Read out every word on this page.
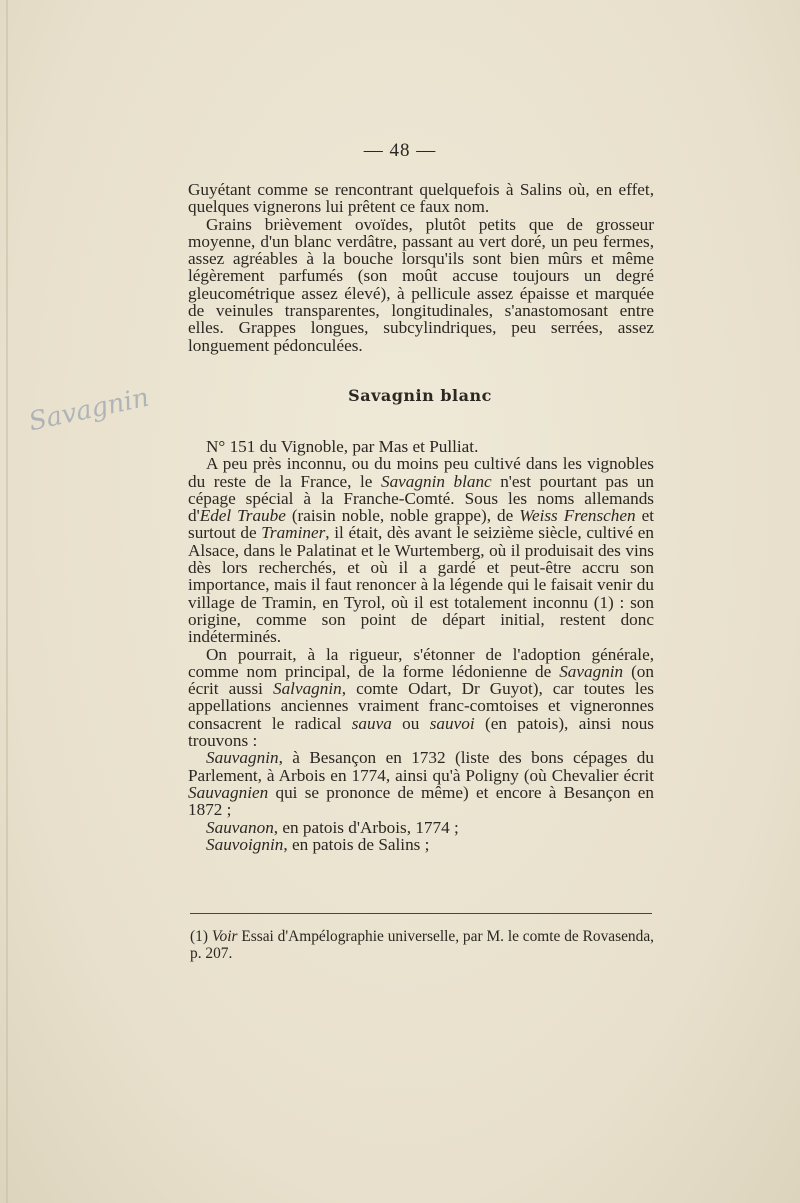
Savagnin
— 48 —

Guyétant comme se rencontrant quelquefois à Salins où, en effet, quelques vignerons lui prêtent ce faux nom.

Grains brièvement ovoïdes, plutôt petits que de grosseur moyenne, d'un blanc verdâtre, passant au vert doré, un peu fermes, assez agréables à la bouche lorsqu'ils sont bien mûrs et même légèrement parfumés (son moût accuse toujours un degré gleucométrique assez élevé), à pellicule assez épaisse et marquée de veinules transparentes, longitudinales, s'anastomosant entre elles. Grappes longues, subcylindriques, peu serrées, assez longuement pédonculées.

Savagnin blanc

N° 151 du Vignoble, par Mas et Pulliat.

A peu près inconnu, ou du moins peu cultivé dans les vignobles du reste de la France, le Savagnin blanc n'est pourtant pas un cépage spécial à la Franche-Comté. Sous les noms allemands d'Edel Traube (raisin noble, noble grappe), de Weiss Frenschen et surtout de Traminer, il était, dès avant le seizième siècle, cultivé en Alsace, dans le Palatinat et le Wurtemberg, où il produisait des vins dès lors recherchés, et où il a gardé et peut-être accru son importance, mais il faut renoncer à la légende qui le faisait venir du village de Tramin, en Tyrol, où il est totalement inconnu (1) : son origine, comme son point de départ initial, restent donc indéterminés.

On pourrait, à la rigueur, s'étonner de l'adoption générale, comme nom principal, de la forme lédonienne de Savagnin (on écrit aussi Salvagnin, comte Odart, Dr Guyot), car toutes les appellations anciennes vraiment franc-comtoises et vigneronnes consacrent le radical sauva ou sauvoi (en patois), ainsi nous trouvons :

Sauvagnin, à Besançon en 1732 (liste des bons cépages du Parlement, à Arbois en 1774, ainsi qu'à Poligny (où Chevalier écrit Sauvagnien qui se prononce de même) et encore à Besançon en 1872 ;

Sauvanon, en patois d'Arbois, 1774 ;

Sauvoignin, en patois de Salins ;

(1) Voir Essai d'Ampélographie universelle, par M. le comte de Rovasenda, p. 207.
